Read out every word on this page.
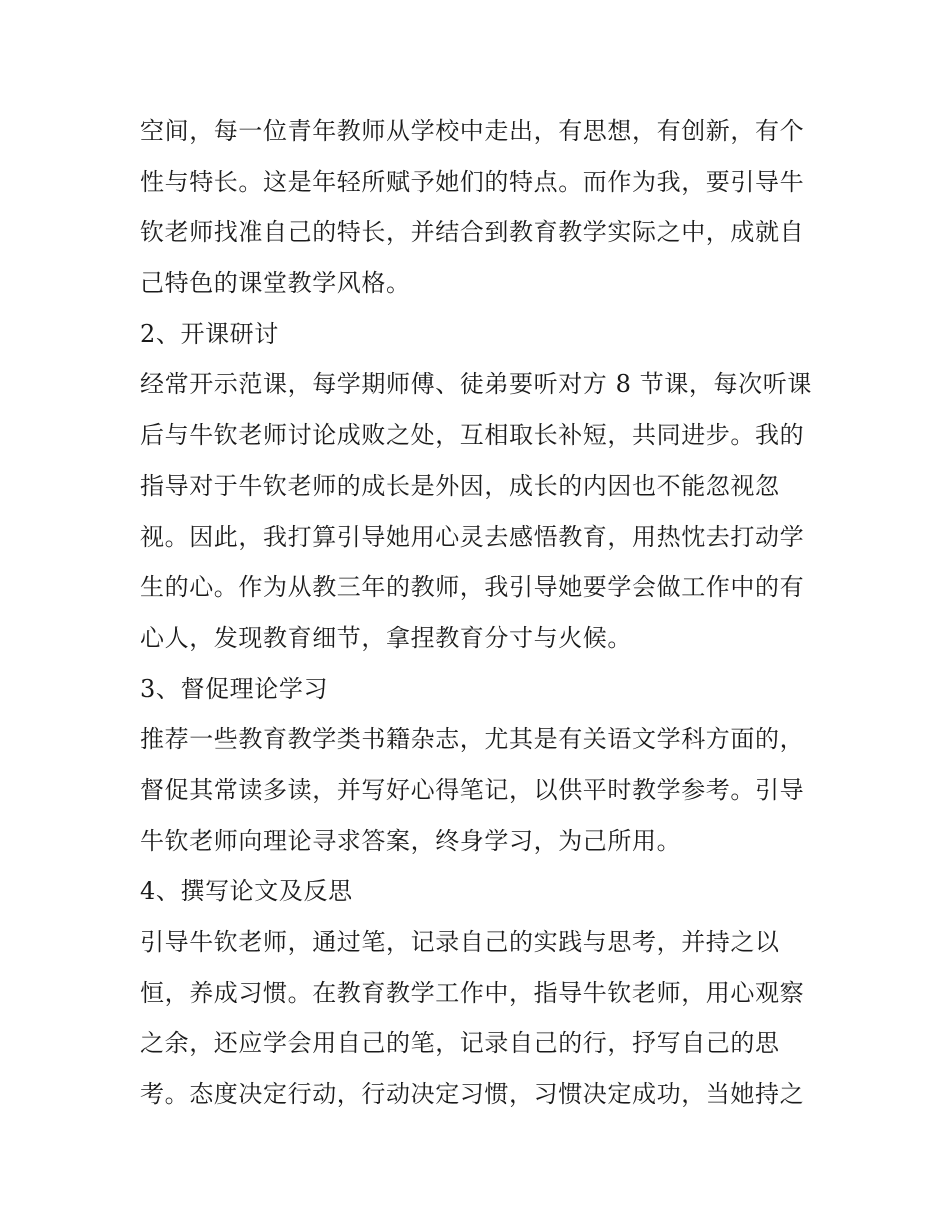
空间，每一位青年教师从学校中走出，有思想，有创新，有个
性与特长。这是年轻所赋予她们的特点。而作为我，要引导牛
钦老师找准自己的特长，并结合到教育教学实际之中，成就自
己特色的课堂教学风格。
2、开课研讨
经常开示范课，每学期师傅、徒弟要听对方 8 节课，每次听课
后与牛钦老师讨论成败之处，互相取长补短，共同进步。我的
指导对于牛钦老师的成长是外因，成长的内因也不能忽视忽
视。因此，我打算引导她用心灵去感悟教育，用热忱去打动学
生的心。作为从教三年的教师，我引导她要学会做工作中的有
心人，发现教育细节，拿捏教育分寸与火候。
3、督促理论学习
推荐一些教育教学类书籍杂志，尤其是有关语文学科方面的，
督促其常读多读，并写好心得笔记，以供平时教学参考。引导
牛钦老师向理论寻求答案，终身学习，为己所用。
4、撰写论文及反思
引导牛钦老师，通过笔，记录自己的实践与思考，并持之以
恒，养成习惯。在教育教学工作中，指导牛钦老师，用心观察
之余，还应学会用自己的笔，记录自己的行，抒写自己的思
考。态度决定行动，行动决定习惯，习惯决定成功，当她持之
